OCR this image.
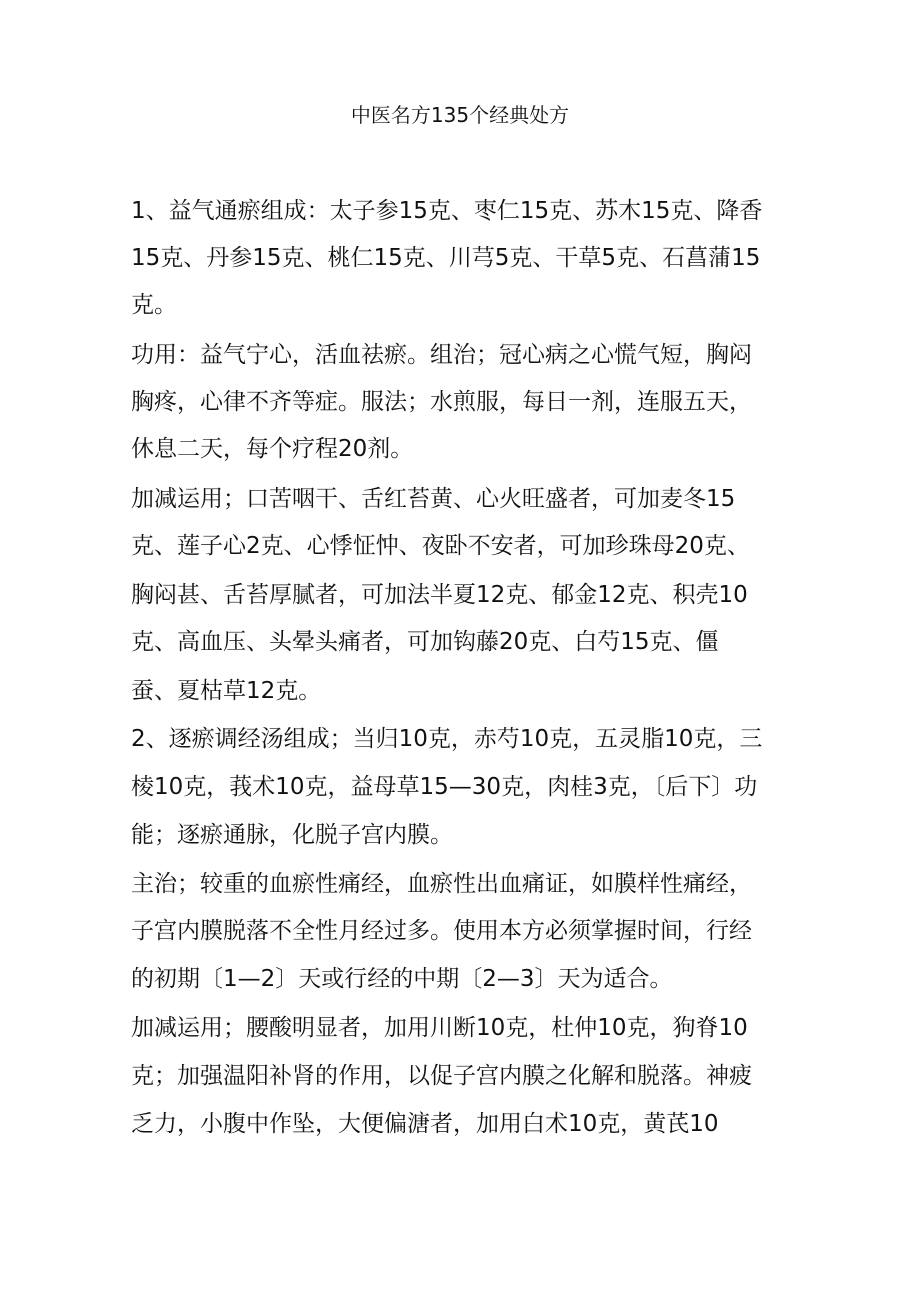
中医名方135个经典处方
1、益气通瘀组成：太子参15克、枣仁15克、苏木15克、降香
15克、丹参15克、桃仁15克、川芎5克、干草5克、石菖蒲15
克。
功用：益气宁心，活血祛瘀。组治；冠心病之心慌气短，胸闷
胸疼，心律不齐等症。服法；水煎服，每日一剂，连服五天，
休息二天，每个疗程20剂。
加减运用；口苦咽干、舌红苔黄、心火旺盛者，可加麦冬15
克、莲子心2克、心悸怔忡、夜卧不安者，可加珍珠母20克、
胸闷甚、舌苔厚腻者，可加法半夏12克、郁金12克、积壳10
克、高血压、头晕头痛者，可加钩藤20克、白芍15克、僵
蚕、夏枯草12克。
2、逐瘀调经汤组成；当归10克，赤芍10克，五灵脂10克，三
棱10克，莪术10克，益母草15—30克，肉桂3克，〔后下〕功
能；逐瘀通脉，化脱子宫内膜。
主治；较重的血瘀性痛经，血瘀性出血痛证，如膜样性痛经，
子宫内膜脱落不全性月经过多。使用本方必须掌握时间，行经
的初期〔1—2〕天或行经的中期〔2—3〕天为适合。
加减运用；腰酸明显者，加用川断10克，杜仲10克，狗脊10
克；加强温阳补肾的作用，以促子宫内膜之化解和脱落。神疲
乏力，小腹中作坠，大便偏溏者，加用白术10克，黄芪10
